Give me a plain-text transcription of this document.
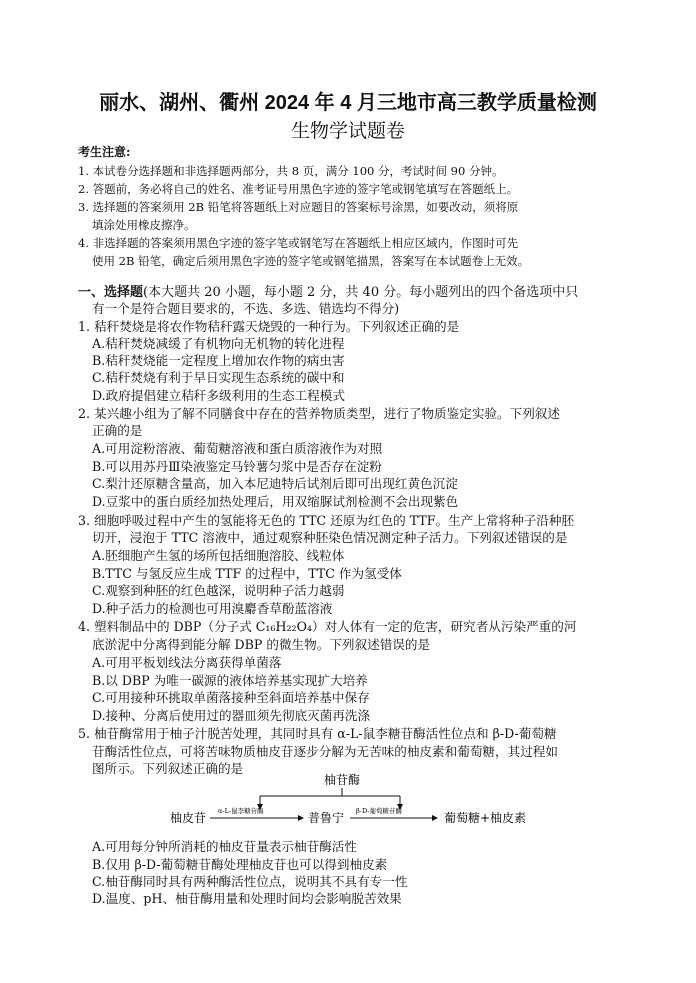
丽水、湖州、衢州 2024 年 4 月三地市高三教学质量检测
生物学试题卷
考生注意:
1. 本试卷分选择题和非选择题两部分，共 8 页，满分 100 分，考试时间 90 分钟。
2. 答题前，务必将自己的姓名、准考证号用黑色字迹的签字笔或钢笔填写在答题纸上。
3. 选择题的答案须用 2B 铅笔将答题纸上对应题目的答案标号涂黑，如要改动，须将原
填涂处用橡皮擦净。
4. 非选择题的答案须用黑色字迹的签字笔或钢笔写在答题纸上相应区域内，作图时可先
使用 2B 铅笔，确定后须用黑色字迹的签字笔或钢笔描黑，答案写在本试题卷上无效。
一、选择题(本大题共 20 小题，每小题 2 分，共 40 分。每小题列出的四个备选项中只
有一个是符合题目要求的，不选、多选、错选均不得分)
1. 秸秆焚烧是将农作物秸秆露天烧毁的一种行为。下列叙述正确的是
A.秸秆焚烧减缓了有机物向无机物的转化进程
B.秸秆焚烧能一定程度上增加农作物的病虫害
C.秸秆焚烧有利于早日实现生态系统的碳中和
D.政府提倡建立秸秆多级利用的生态工程模式
2. 某兴趣小组为了解不同膳食中存在的营养物质类型，进行了物质鉴定实验。下列叙述
正确的是
A.可用淀粉溶液、葡萄糖溶液和蛋白质溶液作为对照
B.可以用苏丹Ⅲ染液鉴定马铃薯匀浆中是否存在淀粉
C.梨汁还原糖含量高，加入本尼迪特后试剂后即可出现红黄色沉淀
D.豆浆中的蛋白质经加热处理后，用双缩脲试剂检测不会出现紫色
3. 细胞呼吸过程中产生的氢能将无色的 TTC 还原为红色的 TTF。生产上常将种子沿种胚
切开，浸泡于 TTC 溶液中，通过观察种胚染色情况测定种子活力。下列叙述错误的是
A.胚细胞产生氢的场所包括细胞溶胶、线粒体
B.TTC 与氢反应生成 TTF 的过程中，TTC 作为氢受体
C.观察到种胚的红色越深，说明种子活力越弱
D.种子活力的检测也可用溴麝香草酚蓝溶液
4. 塑料制品中的 DBP（分子式 C₁₆H₂₂O₄）对人体有一定的危害，研究者从污染严重的河
底淤泥中分离得到能分解 DBP 的微生物。下列叙述错误的是
A.可用平板划线法分离获得单菌落
B.以 DBP 为唯一碳源的液体培养基实现扩大培养
C.可用接种环挑取单菌落接种至斜面培养基中保存
D.接种、分离后使用过的器皿须先彻底灭菌再洗涤
5. 柚苷酶常用于柚子汁脱苦处理，其同时具有 α-L-鼠李糖苷酶活性位点和 β-D-葡萄糖
苷酶活性位点，可将苦味物质柚皮苷逐步分解为无苦味的柚皮素和葡萄糖，其过程如
图所示。下列叙述正确的是
柚苷酶
柚皮苷 α-L-鼠李糖苷酶	普鲁宁 β-D-葡萄糖苷酶	葡萄糖+柚皮素
A.可用每分钟所消耗的柚皮苷量表示柚苷酶活性
B.仅用 β-D-葡萄糖苷酶处理柚皮苷也可以得到柚皮素
C.柚苷酶同时具有两种酶活性位点，说明其不具有专一性
D.温度、pH、柚苷酶用量和处理时间均会影响脱苦效果
